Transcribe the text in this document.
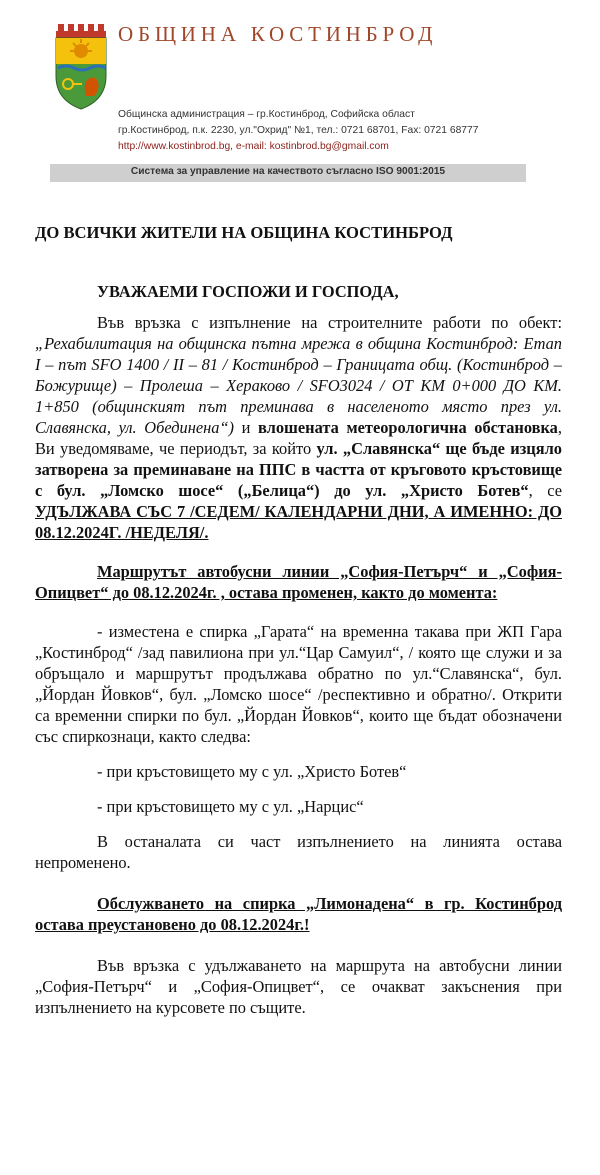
ОБЩИНА КОСТИНБРОД
Общинска администрация – гр.Костинброд, Софийска област
гр.Костинброд, п.к. 2230, ул."Охрид" №1, тел.: 0721 68701, Fax: 0721 68777
http://www.kostinbrod.bg, e-mail: kostinbrod.bg@gmail.com
Система за управление на качеството съгласно ISO 9001:2015

ДО ВСИЧКИ ЖИТЕЛИ НА ОБЩИНА КОСТИНБРОД

УВАЖАЕМИ ГОСПОЖИ И ГОСПОДА,

Във връзка с изпълнение на строителните работи по обект: „Рехабилитация на общинска пътна мрежа в община Костинброд: Етап I – път SFO 1400 / II – 81 / Костинброд – Границата общ. (Костинброд – Божурище) – Пролеша – Хераково / SFO3024 / ОТ КМ 0+000 ДО КМ. 1+850 (общинският път преминава в населеното място през ул. Славянска, ул. Обединена“) и влошената метеорологична обстановка, Ви уведомяваме, че периодът, за който ул. „Славянска“ ще бъде изцяло затворена за преминаване на ППС в частта от кръговото кръстовище с бул. „Ломско шосе“ („Белица“) до ул. „Христо Ботев“, се УДЪЛЖАВА СЪС 7 /СЕДЕМ/ КАЛЕНДАРНИ ДНИ, А ИМЕННО: ДО 08.12.2024Г. /НЕДЕЛЯ/.

Маршрутът автобусни линии „София-Петърч“ и „София-Опицвет“ до 08.12.2024г. , остава променен, както до момента:

- изместена е спирка „Гарата“ на временна такава при ЖП Гара „Костинброд“ /зад павилиона при ул.“Цар Самуил“, / която ще служи и за обръщало и маршрутът продължава обратно по ул.“Славянска“, бул. „Йордан Йовков“, бул. „Ломско шосе“ /респективно и обратно/. Открити са временни спирки по бул. „Йордан Йовков“, които ще бъдат обозначени със спиркознаци, както следва:

- при кръстовището му с ул. „Христо Ботев“

- при кръстовището му с ул. „Нарцис“

В останалата си част изпълнението на линията остава непроменено.

Обслужването на спирка „Лимонадена“ в гр. Костинброд остава преустановено до 08.12.2024г.!

Във връзка с удължаването на маршрута на автобусни линии „София-Петърч“ и „София-Опицвет“, се очакват закъснения при изпълнението на курсовете по същите.
